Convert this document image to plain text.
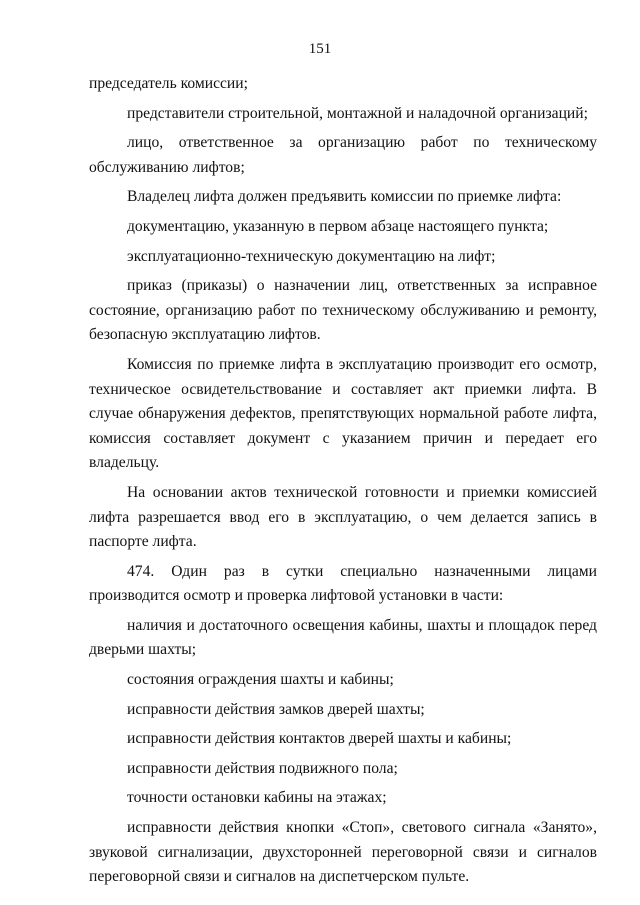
151

председатель комиссии;

представители строительной, монтажной и наладочной организаций;

лицо, ответственное за организацию работ по техническому обслуживанию лифтов;

Владелец лифта должен предъявить комиссии по приемке лифта:

документацию, указанную в первом абзаце настоящего пункта;

эксплуатационно-техническую документацию на лифт;

приказ (приказы) о назначении лиц, ответственных за исправное состояние, организацию работ по техническому обслуживанию и ремонту, безопасную эксплуатацию лифтов.

Комиссия по приемке лифта в эксплуатацию производит его осмотр, техническое освидетельствование и составляет акт приемки лифта. В случае обнаружения дефектов, препятствующих нормальной работе лифта, комиссия составляет документ с указанием причин и передает его владельцу.

На основании актов технической готовности и приемки комиссией лифта разрешается ввод его в эксплуатацию, о чем делается запись в паспорте лифта.

474. Один раз в сутки специально назначенными лицами производится осмотр и проверка лифтовой установки в части:

наличия и достаточного освещения кабины, шахты и площадок перед дверьми шахты;

состояния ограждения шахты и кабины;

исправности действия замков дверей шахты;

исправности действия контактов дверей шахты и кабины;

исправности действия подвижного пола;

точности остановки кабины на этажах;

исправности действия кнопки «Стоп», светового сигнала «Занято», звуковой сигнализации, двухсторонней переговорной связи и сигналов переговорной связи и сигналов на диспетчерском пульте.
